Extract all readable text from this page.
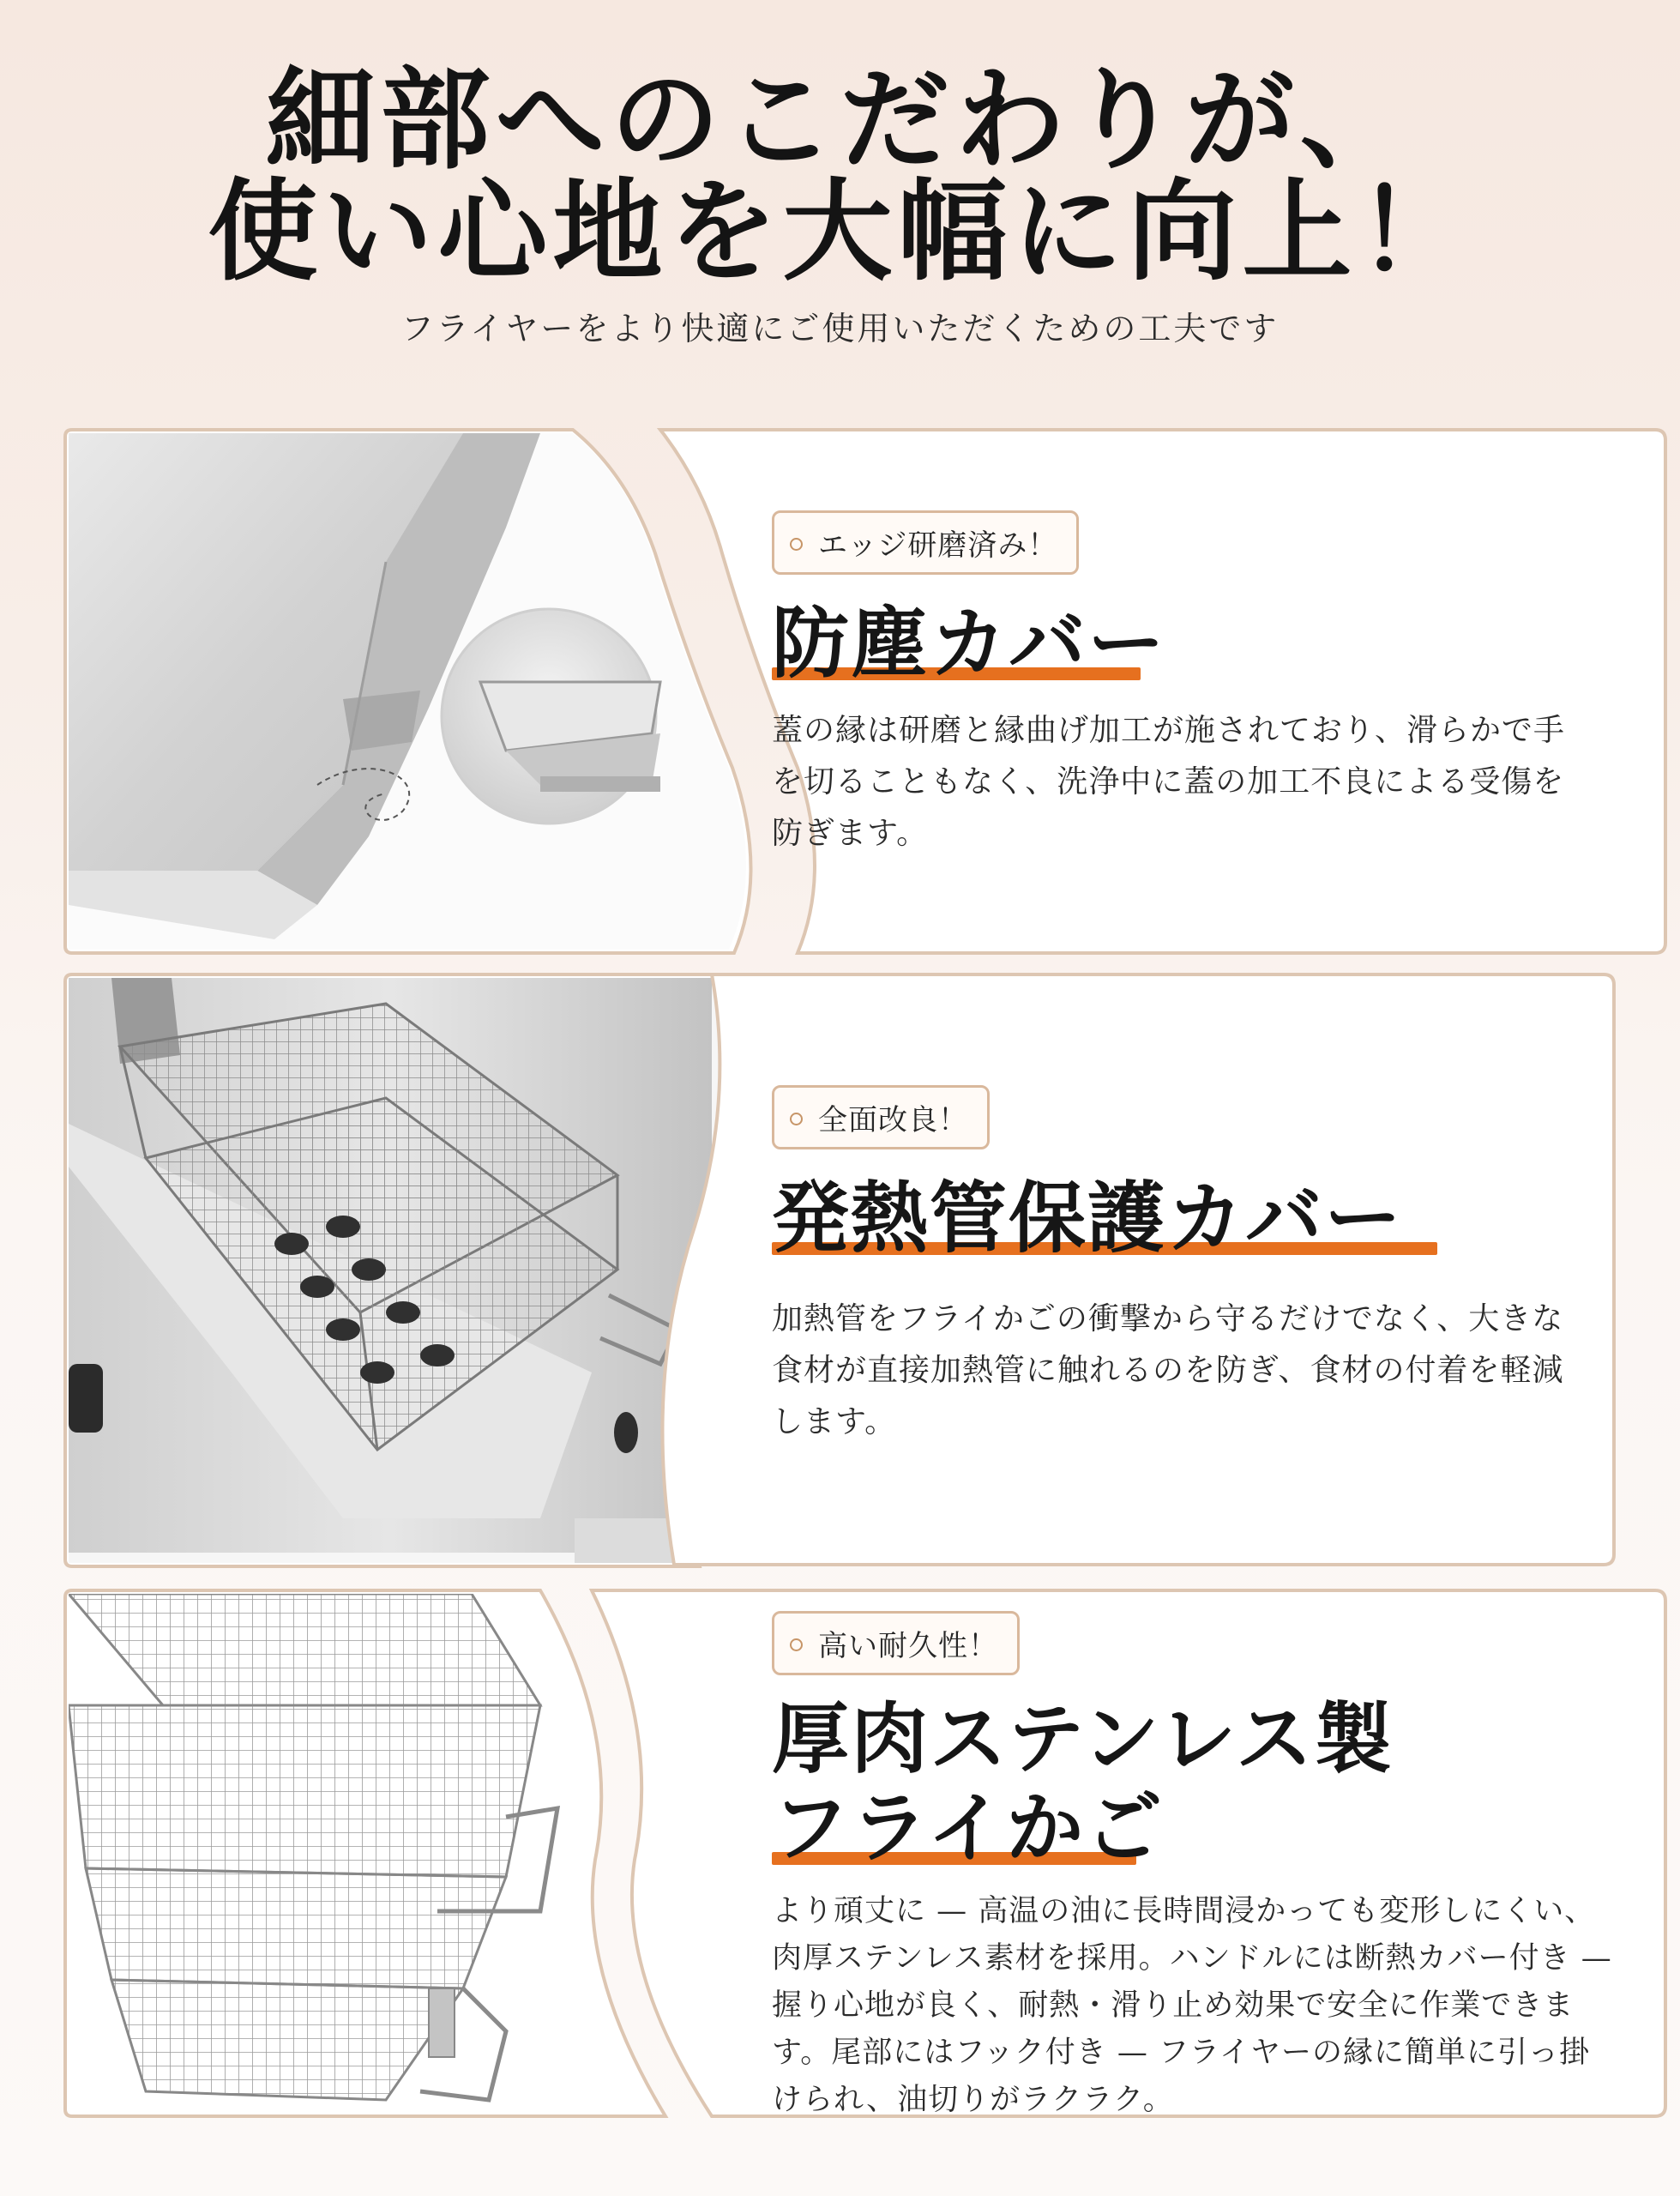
細部へのこだわりが、
使い心地を大幅に向上！
フライヤーをより快適にご使用いただくための工夫です
エッジ研磨済み！
防塵カバー
蓋の縁は研磨と縁曲げ加工が施されており、滑らかで手を切ることもなく、洗浄中に蓋の加工不良による受傷を防ぎます。
全面改良！
発熱管保護カバー
加熱管をフライかごの衝撃から守るだけでなく、大きな食材が直接加熱管に触れるのを防ぎ、食材の付着を軽減します。
高い耐久性！
厚肉ステンレス製
フライかご
より頑丈に — 高温の油に長時間浸かっても変形しにくい、肉厚ステンレス素材を採用。ハンドルには断熱カバー付き — 握り心地が良く、耐熱・滑り止め効果で安全に作業できます。尾部にはフック付き — フライヤーの縁に簡単に引っ掛けられ、油切りがラクラク。
